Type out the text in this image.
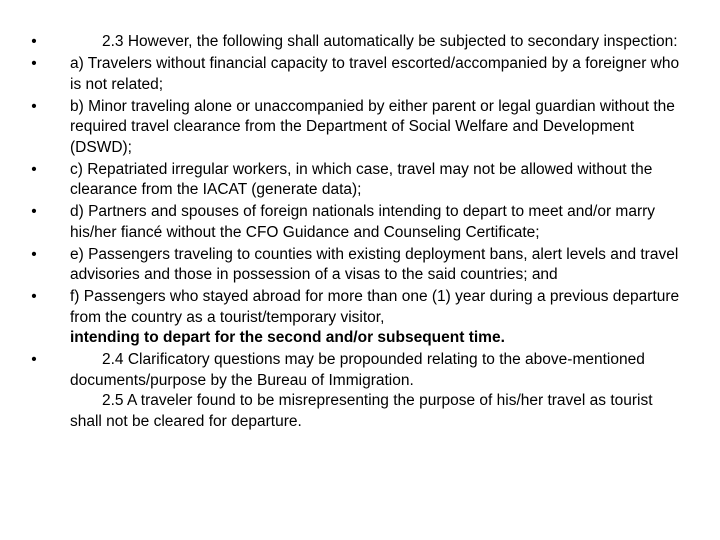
•	2.3 However, the following shall automatically be subjected to secondary inspection:
• a) Travelers without financial capacity to travel escorted/accompanied by a foreigner who is not related;
• b) Minor traveling alone or unaccompanied by either parent or legal guardian without the required travel clearance from the Department of Social Welfare and Development (DSWD);
• c) Repatriated irregular workers, in which case, travel may not be allowed without the clearance from the IACAT (generate data);
• d) Partners and spouses of foreign nationals intending to depart to meet and/or marry his/her fiancé without the CFO Guidance and Counseling Certificate;
• e) Passengers traveling to counties with existing deployment bans, alert levels and travel advisories and those in possession of a visas to the said countries; and
• f) Passengers who stayed abroad for more than one (1) year during a previous departure from the country as a tourist/temporary visitor,
intending to depart for the second and/or subsequent time.
•	2.4 Clarificatory questions may be propounded relating to the above-mentioned documents/purpose by the Bureau of Immigration.
2.5 A traveler found to be misrepresenting the purpose of his/her travel as tourist shall not be cleared for departure.
